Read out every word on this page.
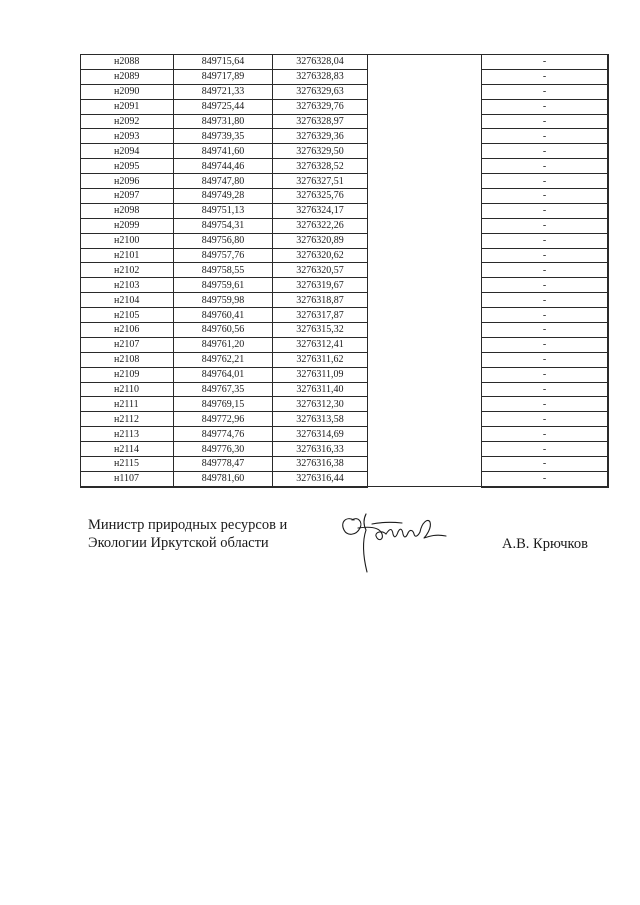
н2088	849715,64	3276328,04		-
н2089	849717,89	3276328,83		-
н2090	849721,33	3276329,63		-
н2091	849725,44	3276329,76		-
н2092	849731,80	3276328,97		-
н2093	849739,35	3276329,36		-
н2094	849741,60	3276329,50		-
н2095	849744,46	3276328,52		-
н2096	849747,80	3276327,51		-
н2097	849749,28	3276325,76		-
н2098	849751,13	3276324,17		-
н2099	849754,31	3276322,26		-
н2100	849756,80	3276320,89		-
н2101	849757,76	3276320,62		-
н2102	849758,55	3276320,57		-
н2103	849759,61	3276319,67		-
н2104	849759,98	3276318,87		-
н2105	849760,41	3276317,87		-
н2106	849760,56	3276315,32		-
н2107	849761,20	3276312,41		-
н2108	849762,21	3276311,62		-
н2109	849764,01	3276311,09		-
н2110	849767,35	3276311,40		-
н2111	849769,15	3276312,30		-
н2112	849772,96	3276313,58		-
н2113	849774,76	3276314,69		-
н2114	849776,30	3276316,33		-
н2115	849778,47	3276316,38		-
н1107	849781,60	3276316,44		-
Министр природных ресурсов и
Экологии Иркутской области	А.В. Крючков
